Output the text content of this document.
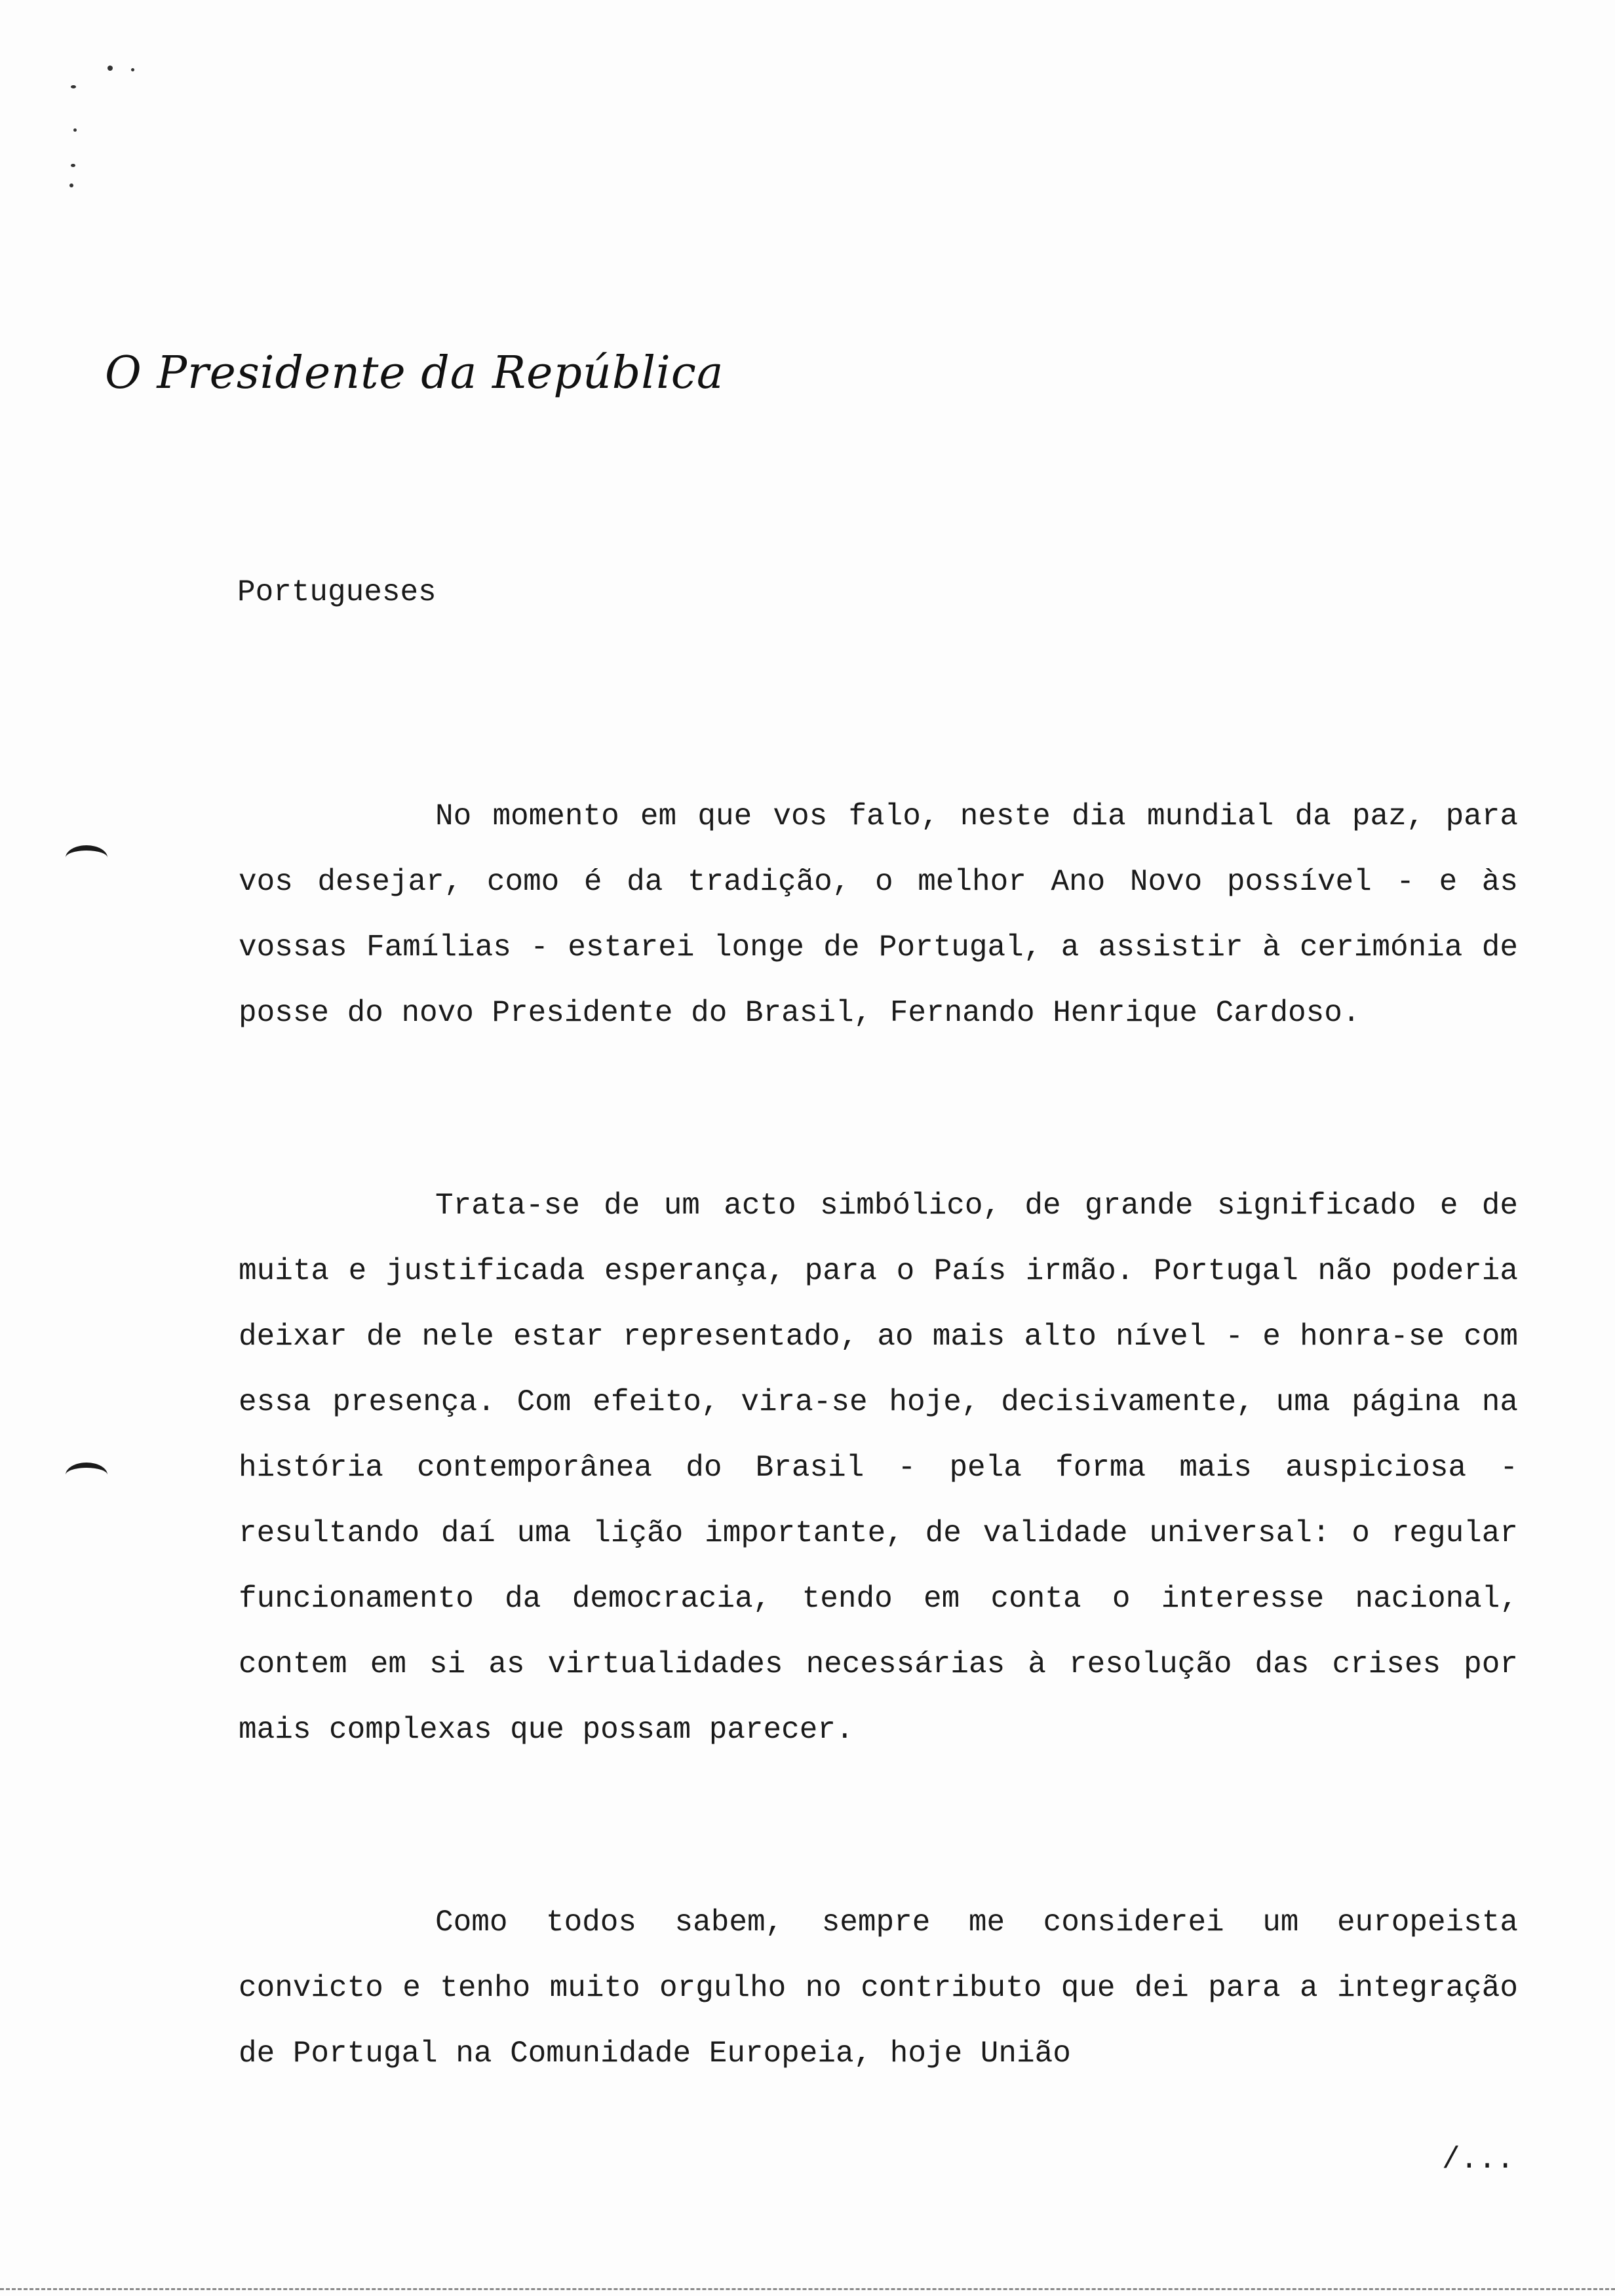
O Presidente da República
Portugueses

No momento em que vos falo, neste dia mundial da paz, para vos desejar, como é da tradição, o melhor Ano Novo possível - e às vossas Famílias - estarei longe de Portugal, a assistir à cerimónia de posse do novo Presidente do Brasil, Fernando Henrique Cardoso.

Trata-se de um acto simbólico, de grande significado e de muita e justificada esperança, para o País irmão. Portugal não poderia deixar de nele estar representado, ao mais alto nível - e honra-se com essa presença. Com efeito, vira-se hoje, decisivamente, uma página na história contemporânea do Brasil - pela forma mais auspiciosa - resultando daí uma lição importante, de validade universal: o regular funcionamento da democracia, tendo em conta o interesse nacional, contem em si as virtualidades necessárias à resolução das crises por mais complexas que possam parecer.

Como todos sabem, sempre me considerei um europeista convicto e tenho muito orgulho no contributo que dei para a integração de Portugal na Comunidade Europeia, hoje União

/...
